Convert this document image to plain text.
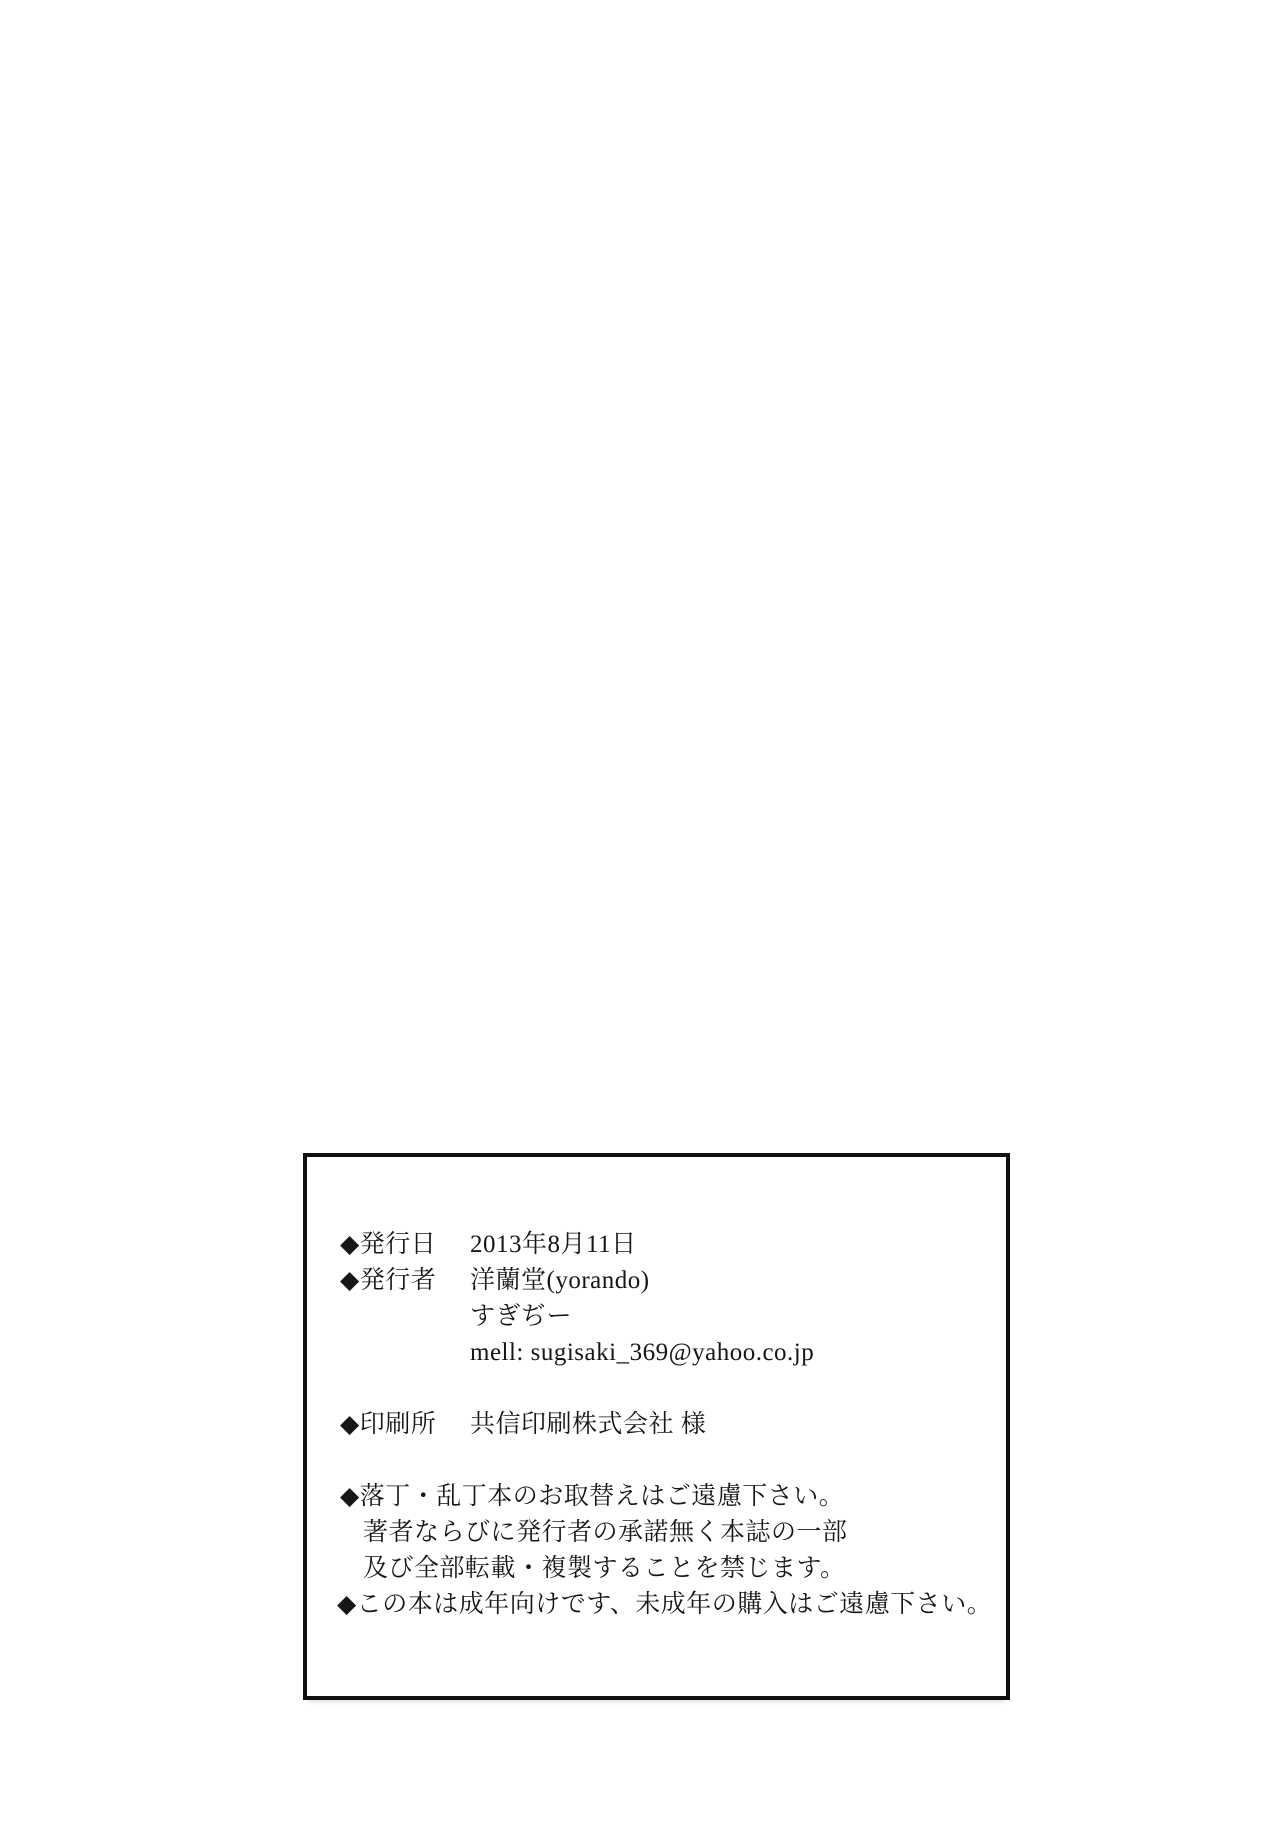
◆発行日 2013年8月11日
◆発行者 洋蘭堂(yorando)
すぎぢー
mell: sugisaki_369@yahoo.co.jp
◆印刷所 共信印刷株式会社 様
◆落丁・乱丁本のお取替えはご遠慮下さい。
著者ならびに発行者の承諾無く本誌の一部
及び全部転載・複製することを禁じます。
◆この本は成年向けです、未成年の購入はご遠慮下さい。
